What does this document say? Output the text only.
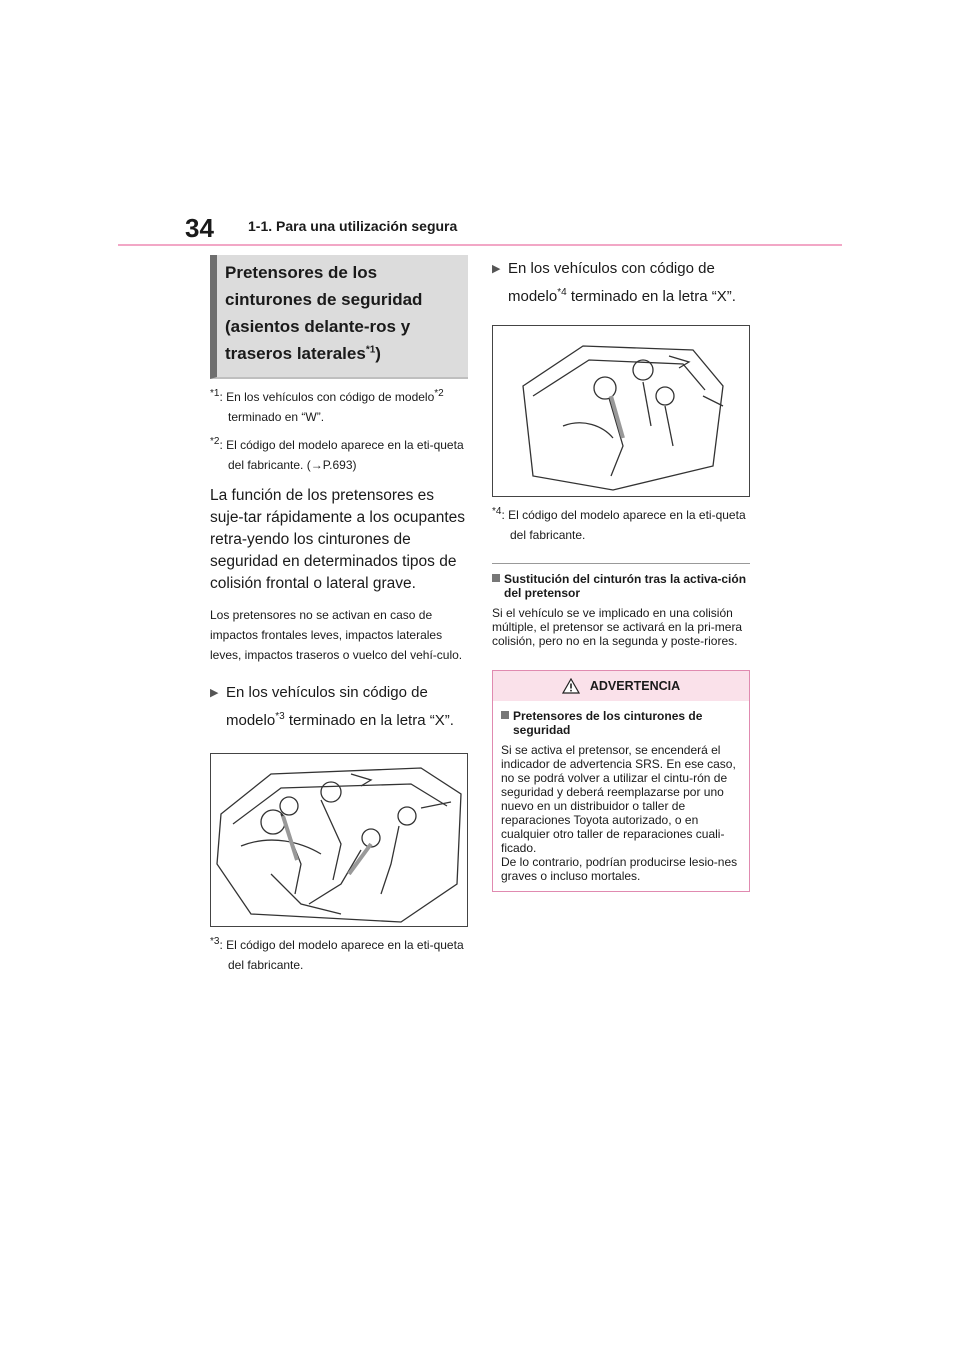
34 1-1. Para una utilización segura
Pretensores de los cinturones de seguridad (asientos delante-ros y traseros laterales$^{*1}$)
$^{*1}$: En los vehículos con código de modelo$^{*2}$ terminado en “W”.
$^{*2}$: El código del modelo aparece en la eti-queta del fabricante. (→P.693)
La función de los pretensores es suje-tar rápidamente a los ocupantes retra-yendo los cinturones de seguridad en determinados tipos de colisión frontal o lateral grave.
Los pretensores no se activan en caso de impactos frontales leves, impactos laterales leves, impactos traseros o vuelco del vehí-culo.
▶ En los vehículos sin código de modelo$^{*3}$ terminado en la letra “X”.
$^{*3}$: El código del modelo aparece en la eti-queta del fabricante.
▶ En los vehículos con código de modelo$^{*4}$ terminado en la letra “X”.
$^{*4}$: El código del modelo aparece en la eti-queta del fabricante.
Sustitución del cinturón tras la activa-ción del pretensor
Si el vehículo se ve implicado en una colisión múltiple, el pretensor se activará en la pri-mera colisión, pero no en la segunda y poste-riores.
ADVERTENCIA
Pretensores de los cinturones de seguridad
Si se activa el pretensor, se encenderá el indicador de advertencia SRS. En ese caso, no se podrá volver a utilizar el cintu-rón de seguridad y deberá reemplazarse por uno nuevo en un distribuidor o taller de reparaciones Toyota autorizado, o en cualquier otro taller de reparaciones cuali-ficado.
De lo contrario, podrían producirse lesio-nes graves o incluso mortales.
